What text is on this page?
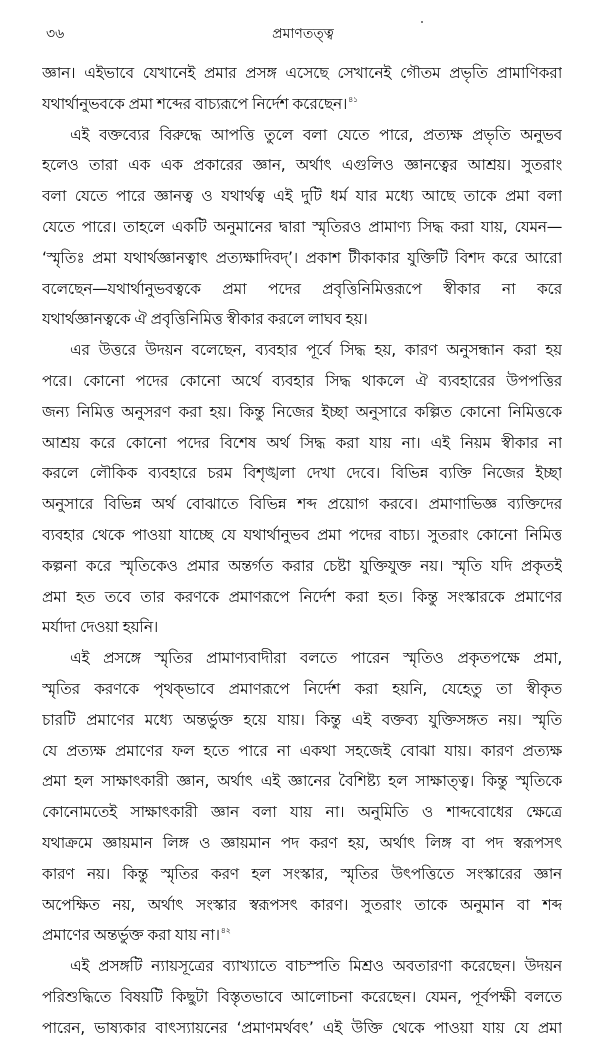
৩৬	প্রমাণতত্ত্ব
জ্ঞান। এইভাবে যেখানেই প্রমার প্রসঙ্গ এসেছে সেখানেই গৌতম প্রভৃতি প্রামাণিকরা
যথার্থানুভবকে প্রমা শব্দের বাচ্যরূপে নির্দেশ করেছেন।$^{৪১}$
এই বক্তব্যের বিরুদ্ধে আপত্তি তুলে বলা যেতে পারে, প্রত্যক্ষ প্রভৃতি অনুভব
হলেও তারা এক এক প্রকারের জ্ঞান, অর্থাৎ এগুলিও জ্ঞানত্বের আশ্রয়। সুতরাং
বলা যেতে পারে জ্ঞানত্ব ও যথার্থত্ব এই দুটি ধর্ম যার মধ্যে আছে তাকে প্রমা বলা
যেতে পারে। তাহলে একটি অনুমানের দ্বারা স্মৃতিরও প্রামাণ্য সিদ্ধ করা যায়, যেমন—
‘স্মৃতিঃ প্রমা যথার্থজ্ঞানত্বাৎ প্রত্যক্ষাদিবদ্’। প্রকাশ টীকাকার যুক্তিটি বিশদ করে আরো
বলেছেন—যথার্থানুভবত্বকে প্রমা পদের প্রবৃত্তিনিমিত্তরূপে স্বীকার না করে
যথার্থজ্ঞানত্বকে ঐ প্রবৃত্তিনিমিত্ত স্বীকার করলে লাঘব হয়।
এর উত্তরে উদয়ন বলেছেন, ব্যবহার পূর্বে সিদ্ধ হয়, কারণ অনুসন্ধান করা হয়
পরে। কোনো পদের কোনো অর্থে ব্যবহার সিদ্ধ থাকলে ঐ ব্যবহারের উপপত্তির
জন্য নিমিত্ত অনুসরণ করা হয়। কিন্তু নিজের ইচ্ছা অনুসারে কল্পিত কোনো নিমিত্তকে
আশ্রয় করে কোনো পদের বিশেষ অর্থ সিদ্ধ করা যায় না। এই নিয়ম স্বীকার না
করলে লৌকিক ব্যবহারে চরম বিশৃঙ্খলা দেখা দেবে। বিভিন্ন ব্যক্তি নিজের ইচ্ছা
অনুসারে বিভিন্ন অর্থ বোঝাতে বিভিন্ন শব্দ প্রয়োগ করবে। প্রমাণাভিজ্ঞ ব্যক্তিদের
ব্যবহার থেকে পাওয়া যাচ্ছে যে যথার্থানুভব প্রমা পদের বাচ্য। সুতরাং কোনো নিমিত্ত
কল্পনা করে স্মৃতিকেও প্রমার অন্তর্গত করার চেষ্টা যুক্তিযুক্ত নয়। স্মৃতি যদি প্রকৃতই
প্রমা হত তবে তার করণকে প্রমাণরূপে নির্দেশ করা হত। কিন্তু সংস্কারকে প্রমাণের
মর্যাদা দেওয়া হয়নি।
এই প্রসঙ্গে স্মৃতির প্রামাণ্যবাদীরা বলতে পারেন স্মৃতিও প্রকৃতপক্ষে প্রমা,
স্মৃতির করণকে পৃথক্‌ভাবে প্রমাণরূপে নির্দেশ করা হয়নি, যেহেতু তা স্বীকৃত
চারটি প্রমাণের মধ্যে অন্তর্ভুক্ত হয়ে যায়। কিন্তু এই বক্তব্য যুক্তিসঙ্গত নয়। স্মৃতি
যে প্রত্যক্ষ প্রমাণের ফল হতে পারে না একথা সহজেই বোঝা যায়। কারণ প্রত্যক্ষ
প্রমা হল সাক্ষাৎকারী জ্ঞান, অর্থাৎ এই জ্ঞানের বৈশিষ্ট্য হল সাক্ষাত্ত্ব। কিন্তু স্মৃতিকে
কোনোমতেই সাক্ষাৎকারী জ্ঞান বলা যায় না। অনুমিতি ও শাব্দবোধের ক্ষেত্রে
যথাক্রমে জ্ঞায়মান লিঙ্গ ও জ্ঞায়মান পদ করণ হয়, অর্থাৎ লিঙ্গ বা পদ স্বরূপসৎ
কারণ নয়। কিন্তু স্মৃতির করণ হল সংস্কার, স্মৃতির উৎপত্তিতে সংস্কারের জ্ঞান
অপেক্ষিত নয়, অর্থাৎ সংস্কার স্বরূপসৎ কারণ। সুতরাং তাকে অনুমান বা শব্দ
প্রমাণের অন্তর্ভুক্ত করা যায় না।$^{৪২}$
এই প্রসঙ্গটি ন্যায়সূত্রের ব্যাখ্যাতে বাচস্পতি মিশ্রও অবতারণা করেছেন। উদয়ন
পরিশুদ্ধিতে বিষয়টি কিছুটা বিস্তৃতভাবে আলোচনা করেছেন। যেমন, পূর্বপক্ষী বলতে
পারেন, ভাষ্যকার বাৎস্যায়নের ‘প্রমাণমর্থবৎ’ এই উক্তি থেকে পাওয়া যায় যে প্রমা
